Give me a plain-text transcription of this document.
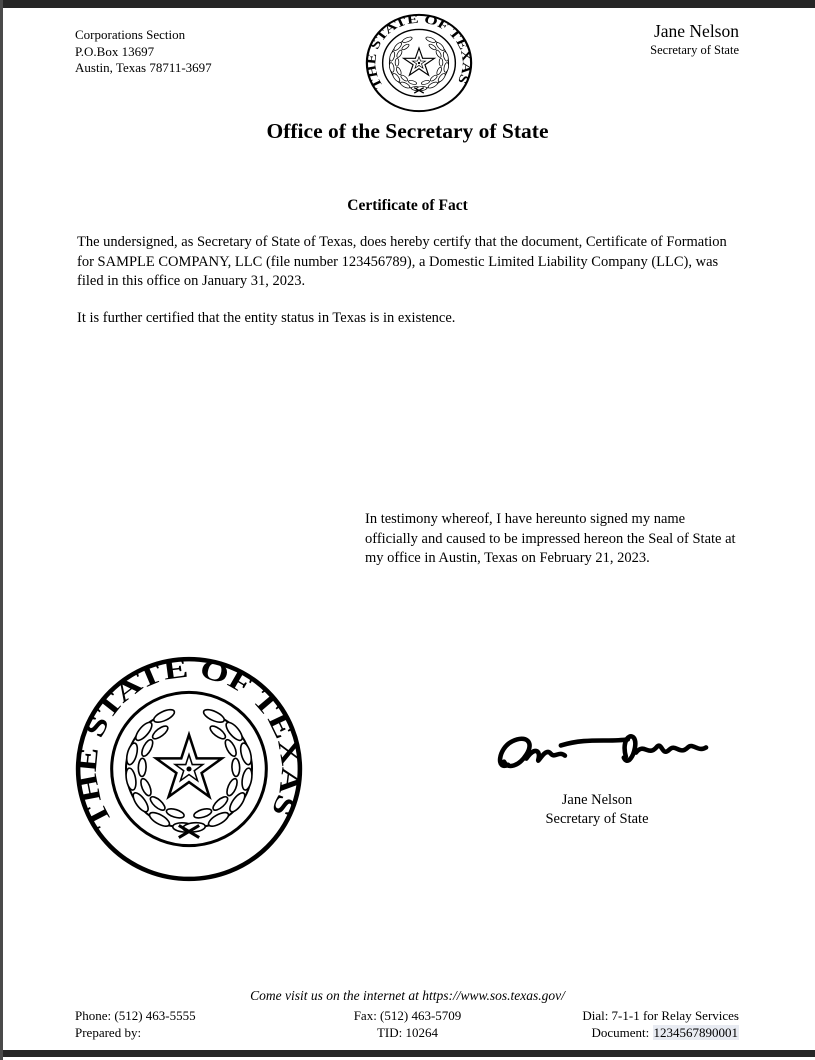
Corporations Section
P.O.Box 13697
Austin, Texas 78711-3697
Jane Nelson
Secretary of State
Office of the Secretary of State
Certificate of Fact
The undersigned, as Secretary of State of Texas, does hereby certify that the document, Certificate of Formation for SAMPLE COMPANY, LLC (file number 123456789), a Domestic Limited Liability Company (LLC), was filed in this office on January 31, 2023.
It is further certified that the entity status in Texas is in existence.
In testimony whereof, I have hereunto signed my name officially and caused to be impressed hereon the Seal of State at my office in Austin, Texas on February 21, 2023.
Jane Nelson
Secretary of State
Come visit us on the internet at https://www.sos.texas.gov/
Phone: (512) 463-5555
Prepared by:
Fax: (512) 463-5709
TID: 10264
Dial: 7-1-1 for Relay Services
Document: 1234567890001
